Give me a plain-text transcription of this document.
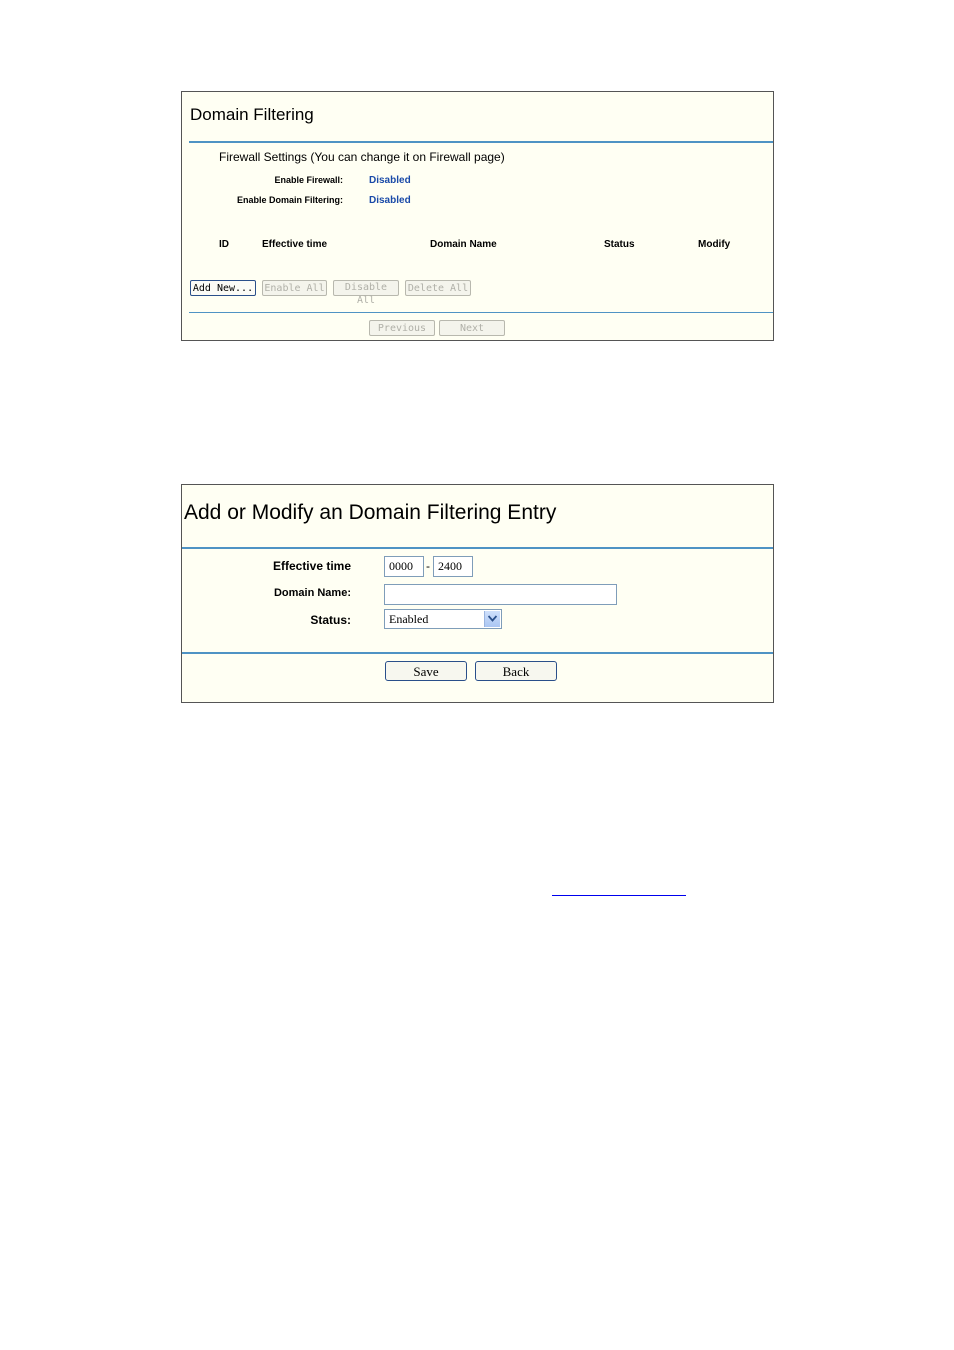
Domain Filtering
Firewall Settings (You can change it on Firewall page)
Enable Firewall:	Disabled
Enable Domain Filtering:	Disabled
ID	Effective time	Domain Name	Status	Modify
Add New... Enable All	Disable All
Delete All
Previous	Next
Add or Modify an Domain Filtering Entry
Effective time	0000	- 2400
Domain Name:
Status:	Enabled
Save	Back
